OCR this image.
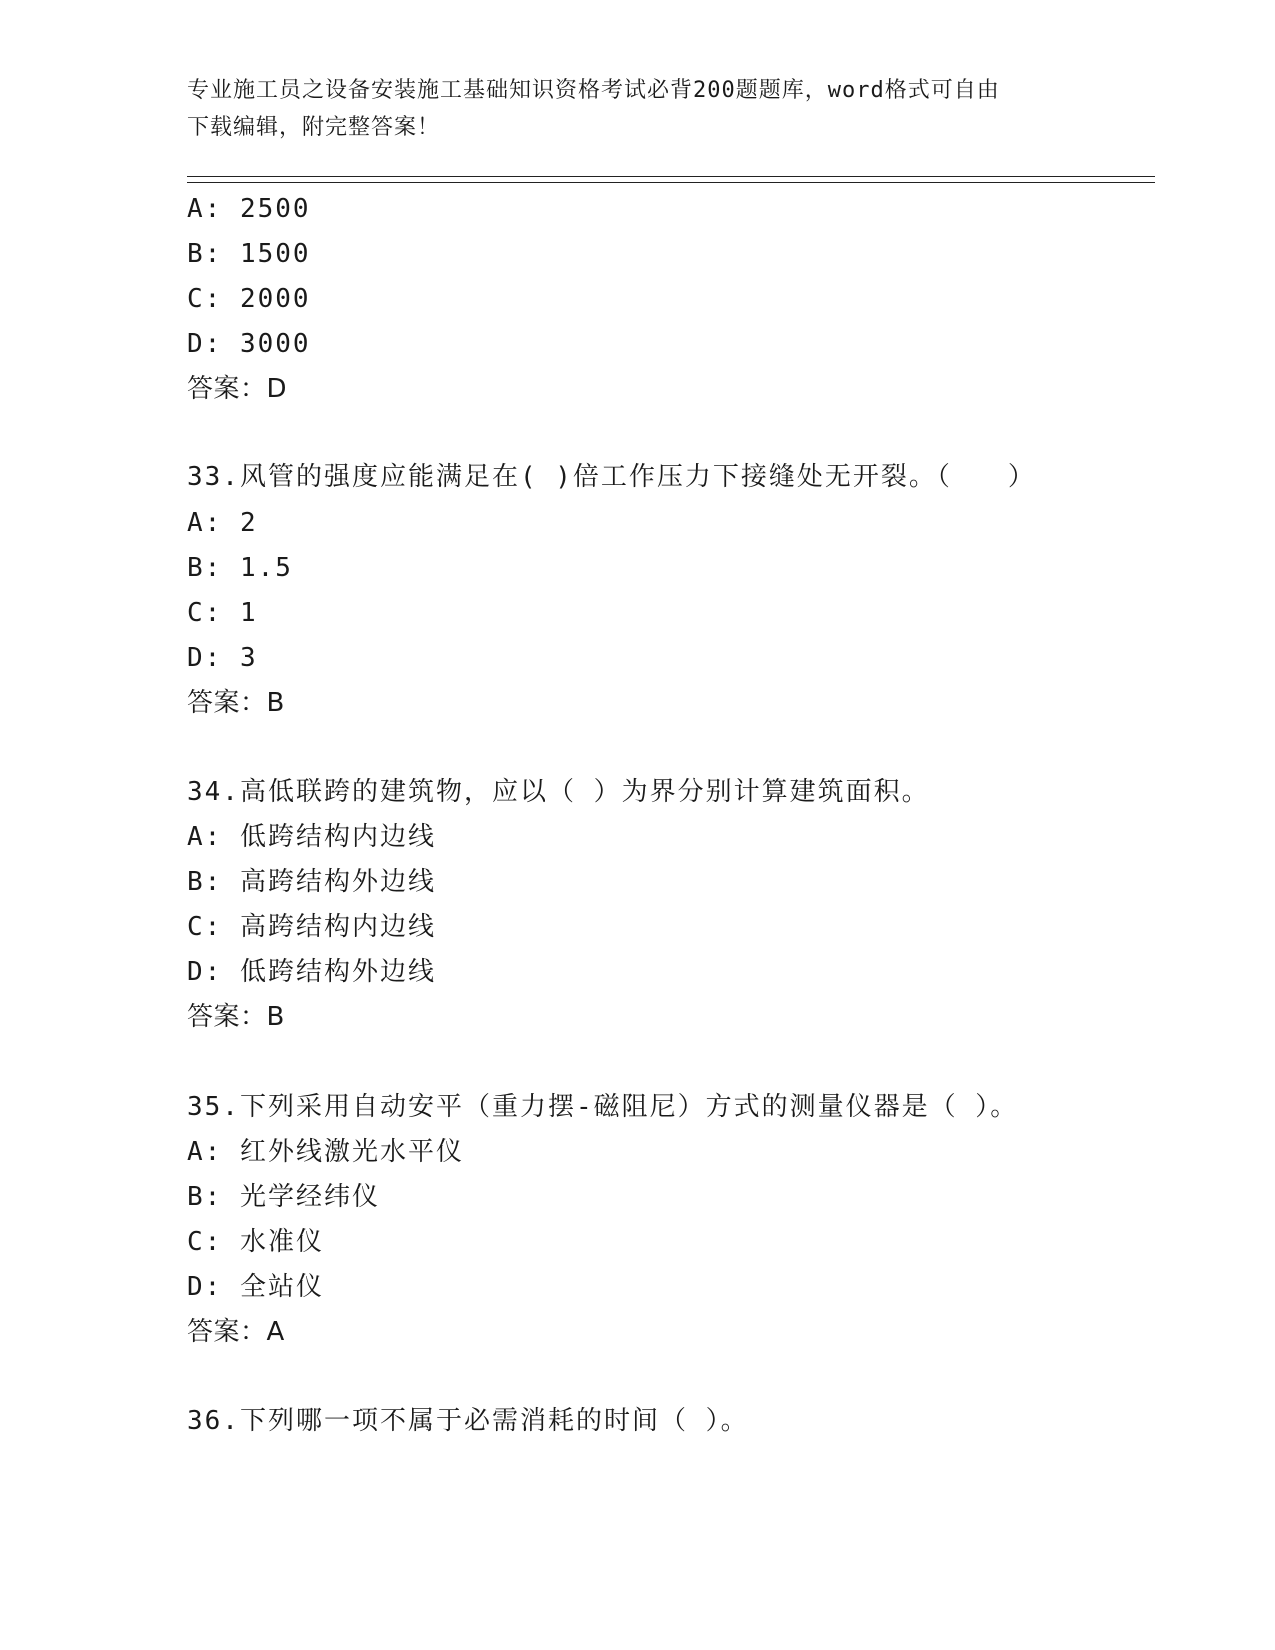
专业施工员之设备安装施工基础知识资格考试必背200题题库，word格式可自由
下载编辑，附完整答案！
A: 2500
B: 1500
C: 2000
D: 3000
答案：D
33.风管的强度应能满足在( )倍工作压力下接缝处无开裂。（　　）
A: 2
B: 1.5
C: 1
D: 3
答案：B
34.高低联跨的建筑物，应以（ ）为界分别计算建筑面积。
A: 低跨结构内边线
B: 高跨结构外边线
C: 高跨结构内边线
D: 低跨结构外边线
答案：B
35.下列采用自动安平（重力摆-磁阻尼）方式的测量仪器是（ ）。
A: 红外线激光水平仪
B: 光学经纬仪
C: 水准仪
D: 全站仪
答案：A
36.下列哪一项不属于必需消耗的时间（ ）。
